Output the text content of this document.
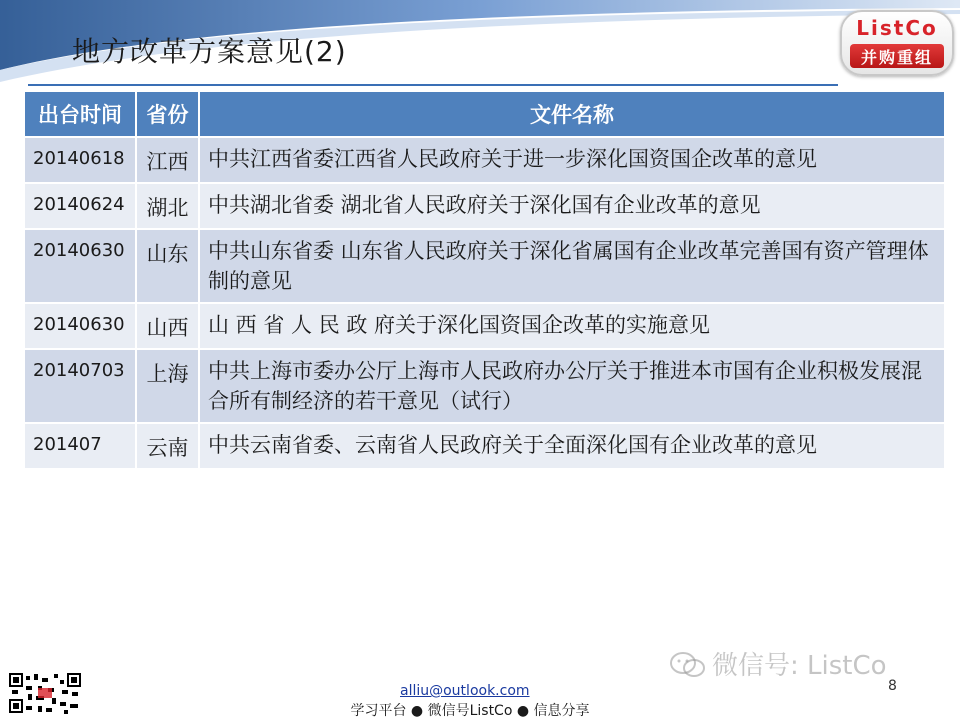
地方改革方案意见(2)
ListCo
并购重组
出台时间	省份	文件名称
20140618	江西	中共江西省委江西省人民政府关于进一步深化国资国企改革的意见
20140624	湖北	中共湖北省委 湖北省人民政府关于深化国有企业改革的意见
20140630	山东	中共山东省委 山东省人民政府关于深化省属国有企业改革完善国有资产管理体制的意见
20140630	山西	山 西 省 人 民 政 府关于深化国资国企改革的实施意见
20140703	上海	中共上海市委办公厅上海市人民政府办公厅关于推进本市国有企业积极发展混合所有制经济的若干意见（试行）
201407	云南	中共云南省委、云南省人民政府关于全面深化国有企业改革的意见
微信号: ListCo
alliu@outlook.com
学习平台 ● 微信号ListCo ● 信息分享
8
